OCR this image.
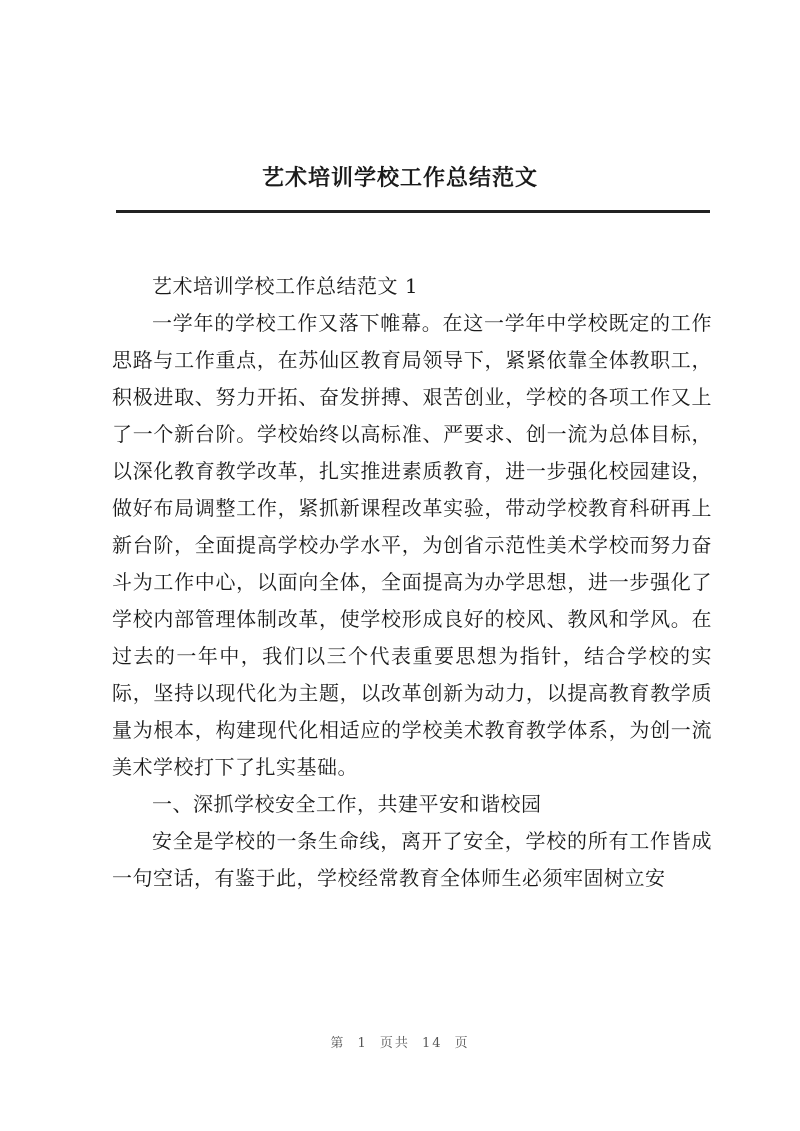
艺术培训学校工作总结范文

艺术培训学校工作总结范文 1

一学年的学校工作又落下帷幕。在这一学年中学校既定的工作思路与工作重点，在苏仙区教育局领导下，紧紧依靠全体教职工，积极进取、努力开拓、奋发拼搏、艰苦创业，学校的各项工作又上了一个新台阶。学校始终以高标准、严要求、创一流为总体目标，以深化教育教学改革，扎实推进素质教育，进一步强化校园建设，做好布局调整工作，紧抓新课程改革实验，带动学校教育科研再上新台阶，全面提高学校办学水平，为创省示范性美术学校而努力奋斗为工作中心，以面向全体，全面提高为办学思想，进一步强化了学校内部管理体制改革，使学校形成良好的校风、教风和学风。在过去的一年中，我们以三个代表重要思想为指针，结合学校的实际，坚持以现代化为主题，以改革创新为动力，以提高教育教学质量为根本，构建现代化相适应的学校美术教育教学体系，为创一流美术学校打下了扎实基础。

一、深抓学校安全工作，共建平安和谐校园

安全是学校的一条生命线，离开了安全，学校的所有工作皆成一句空话，有鉴于此，学校经常教育全体师生必须牢固树立安

第 1 页共 14 页
